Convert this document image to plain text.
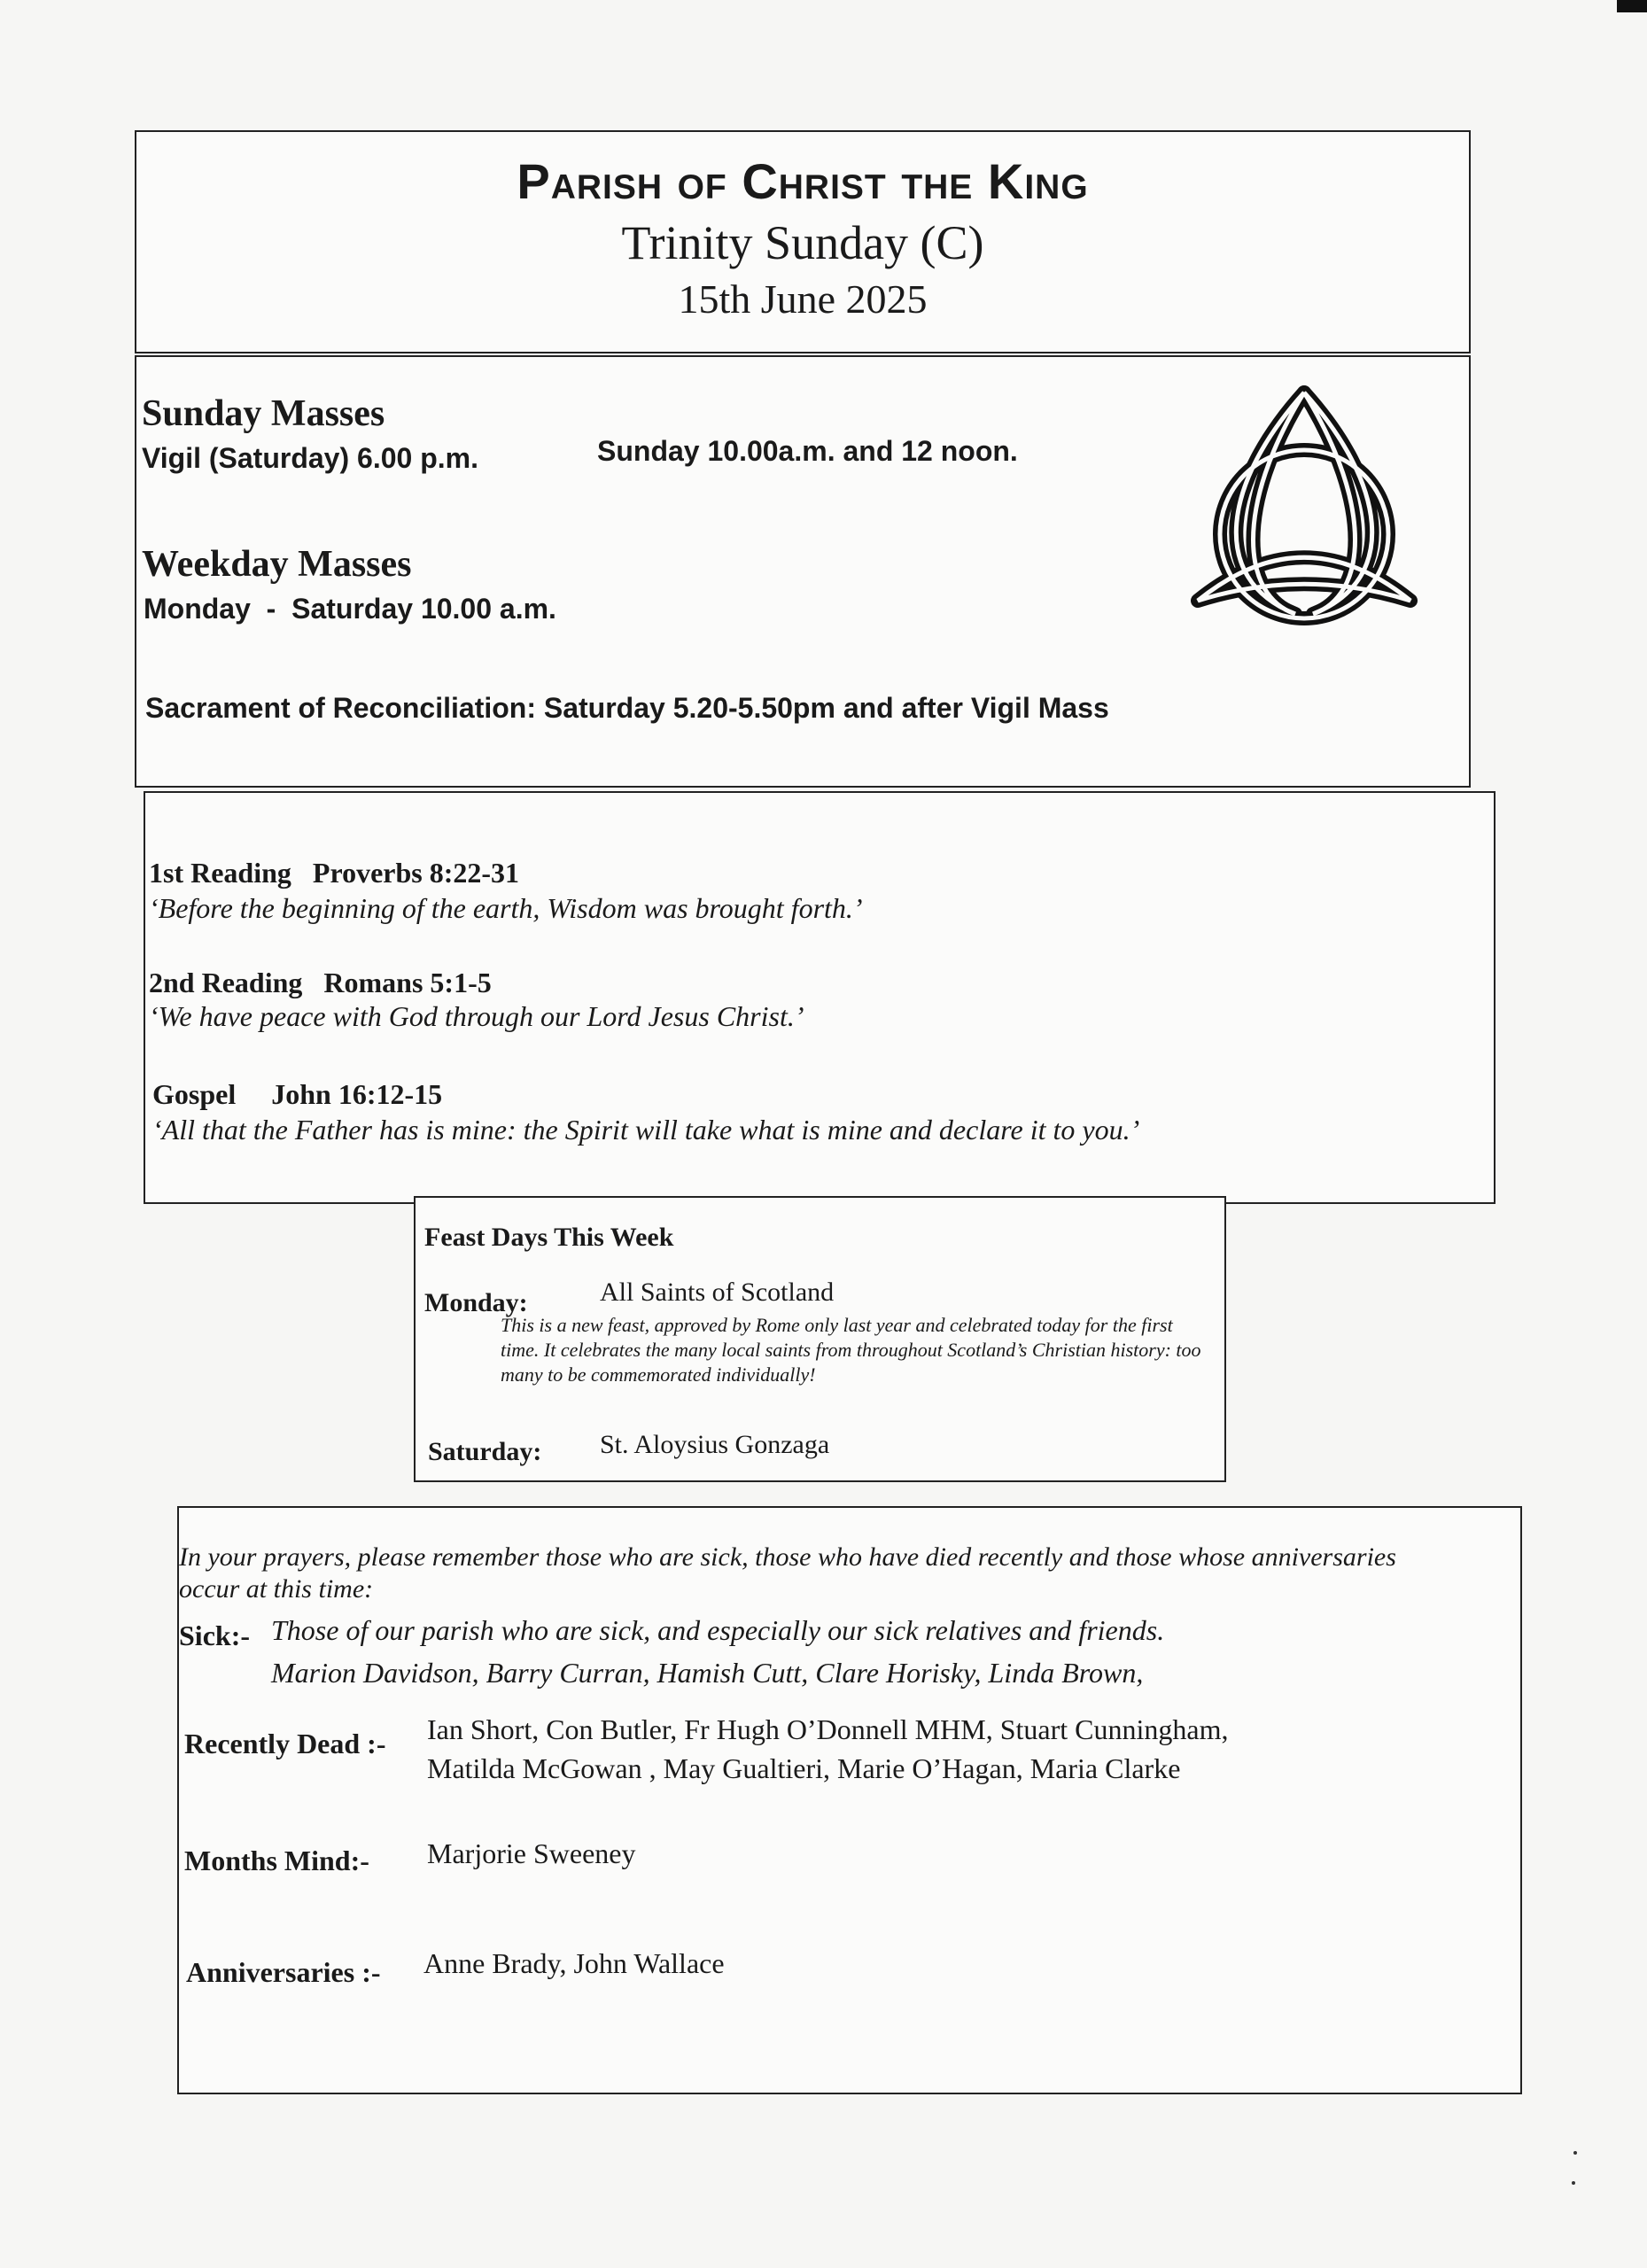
Parish of Christ the King
Trinity Sunday (C)
15th June 2025
Sunday Masses
Vigil (Saturday) 6.00 p.m.	Sunday 10.00a.m. and 12 noon.
Weekday Masses
Monday  -  Saturday 10.00 a.m.
Sacrament of Reconciliation: Saturday 5.20-5.50pm and after Vigil Mass
1st Reading Proverbs 8:22-31
‘Before the beginning of the earth, Wisdom was brought forth.’
2nd Reading Romans 5:1-5
‘We have peace with God through our Lord Jesus Christ.’
Gospel John 16:12-15
‘All that the Father has is mine: the Spirit will take what is mine and declare it to you.’
Feast Days This Week
Monday:	All Saints of Scotland
This is a new feast, approved by Rome only last year and celebrated today for the first time. It celebrates the many local saints from throughout Scotland’s Christian history: too many to be commemorated individually!
Saturday: St. Aloysius Gonzaga
In your prayers, please remember those who are sick, those who have died recently and those whose anniversaries occur at this time:
Sick:- Those of our parish who are sick, and especially our sick relatives and friends.
Marion Davidson, Barry Curran, Hamish Cutt, Clare Horisky, Linda Brown,
Recently Dead :- Ian Short, Con Butler, Fr Hugh O’Donnell MHM, Stuart Cunningham,
Matilda McGowan , May Gualtieri, Marie O’Hagan, Maria Clarke
Months Mind:- Marjorie Sweeney
Anniversaries :- Anne Brady, John Wallace
